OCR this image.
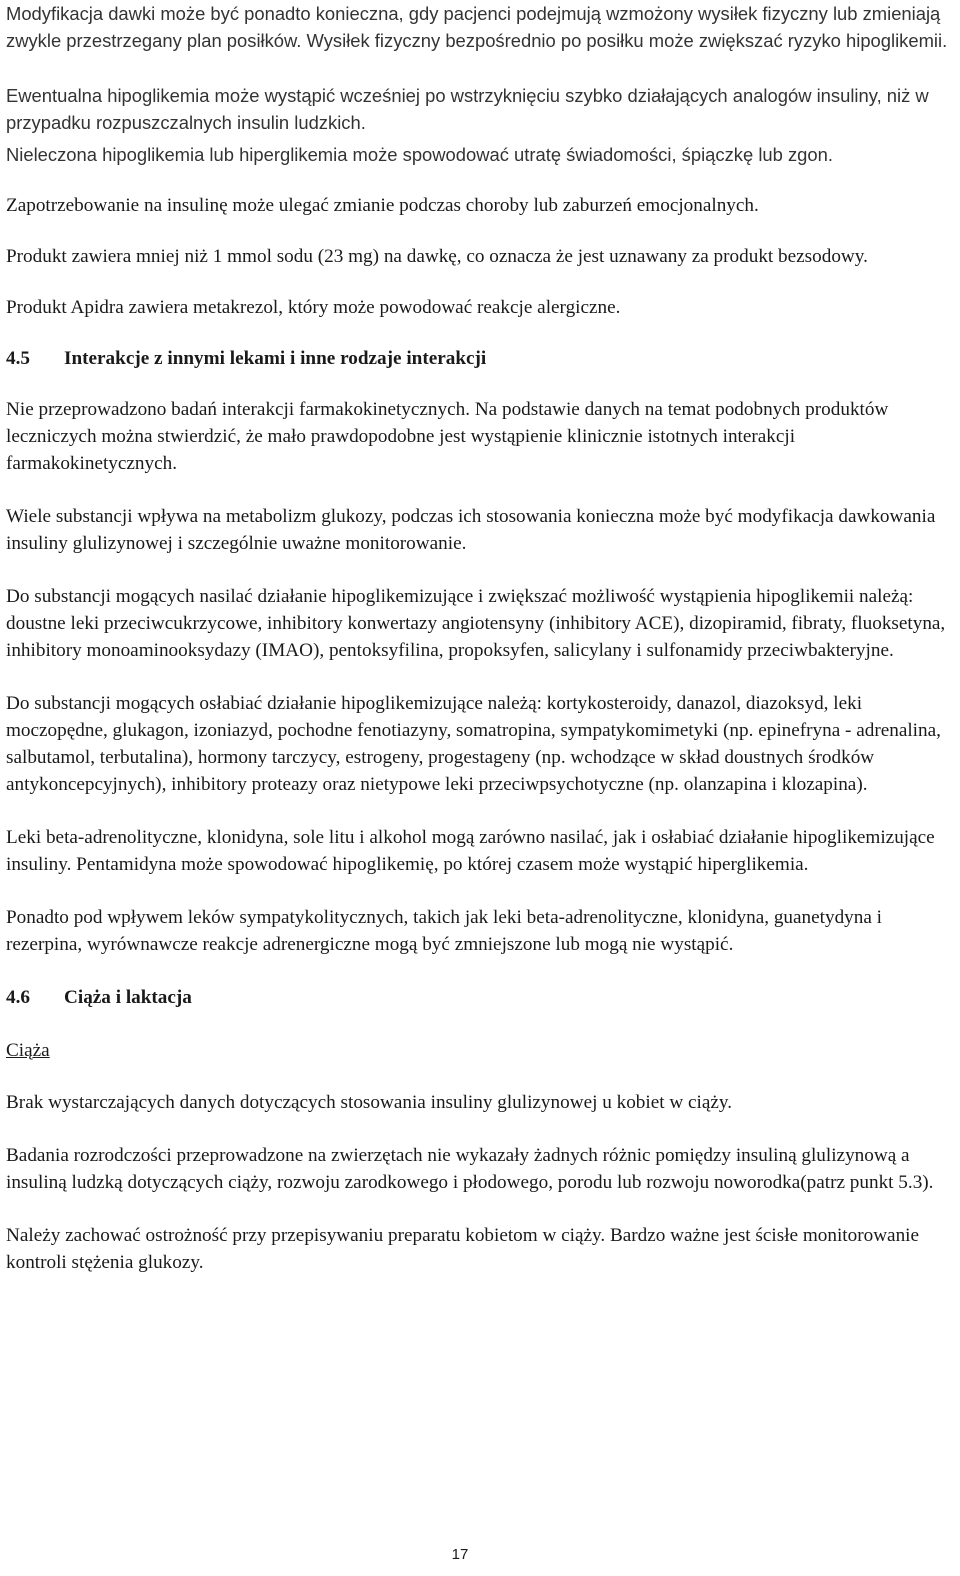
Modyfikacja dawki może być ponadto konieczna, gdy pacjenci podejmują wzmożony wysiłek fizyczny lub zmieniają zwykle przestrzegany plan posiłków. Wysiłek fizyczny bezpośrednio po posiłku może zwiększać ryzyko hipoglikemii.

Ewentualna hipoglikemia może wystąpić wcześniej po wstrzyknięciu szybko działających analogów insuliny, niż w przypadku rozpuszczalnych insulin ludzkich.

Nieleczona hipoglikemia lub hiperglikemia może spowodować utratę świadomości, śpiączkę lub zgon.

Zapotrzebowanie na insulinę może ulegać zmianie podczas choroby lub zaburzeń emocjonalnych.

Produkt zawiera mniej niż 1 mmol sodu (23 mg) na dawkę, co oznacza że jest uznawany za produkt bezsodowy.

Produkt Apidra zawiera metakrezol, który może powodować reakcje alergiczne.

4.5	Interakcje z innymi lekami i inne rodzaje interakcji

Nie przeprowadzono badań interakcji farmakokinetycznych. Na podstawie danych na temat podobnych produktów leczniczych można stwierdzić, że mało prawdopodobne jest wystąpienie klinicznie istotnych interakcji farmakokinetycznych.

Wiele substancji wpływa na metabolizm glukozy, podczas ich stosowania konieczna może być modyfikacja dawkowania insuliny glulizynowej i szczególnie uważne monitorowanie.

Do substancji mogących nasilać działanie hipoglikemizujące i zwiększać możliwość wystąpienia hipoglikemii należą: doustne leki przeciwcukrzycowe, inhibitory konwertazy angiotensyny (inhibitory ACE), dizopiramid, fibraty, fluoksetyna, inhibitory monoaminooksydazy (IMAO), pentoksyfilina, propoksyfen, salicylany i sulfonamidy przeciwbakteryjne.

Do substancji mogących osłabiać działanie hipoglikemizujące należą: kortykosteroidy, danazol, diazoksyd, leki moczopędne, glukagon, izoniazyd, pochodne fenotiazyny, somatropina, sympatykomimetyki (np. epinefryna - adrenalina, salbutamol, terbutalina), hormony tarczycy, estrogeny, progestageny (np. wchodzące w skład doustnych środków antykoncepcyjnych), inhibitory proteazy oraz nietypowe leki przeciwpsychotyczne (np. olanzapina i klozapina).

Leki beta-adrenolityczne, klonidyna, sole litu i alkohol mogą zarówno nasilać, jak i osłabiać działanie hipoglikemizujące insuliny. Pentamidyna może spowodować hipoglikemię, po której czasem może wystąpić hiperglikemia.

Ponadto pod wpływem leków sympatykolitycznych, takich jak leki beta-adrenolityczne, klonidyna, guanetydyna i rezerpina, wyrównawcze reakcje adrenergiczne mogą być zmniejszone lub mogą nie wystąpić.

4.6	Ciąża i laktacja

Ciąża

Brak wystarczających danych dotyczących stosowania insuliny glulizynowej u kobiet w ciąży.

Badania rozrodczości przeprowadzone na zwierzętach nie wykazały żadnych różnic pomiędzy insuliną glulizynową a insuliną ludzką dotyczących ciąży, rozwoju zarodkowego i płodowego, porodu lub rozwoju noworodka(patrz punkt 5.3).

Należy zachować ostrożność przy przepisywaniu preparatu kobietom w ciąży. Bardzo ważne jest ścisłe monitorowanie kontroli stężenia glukozy.

17
